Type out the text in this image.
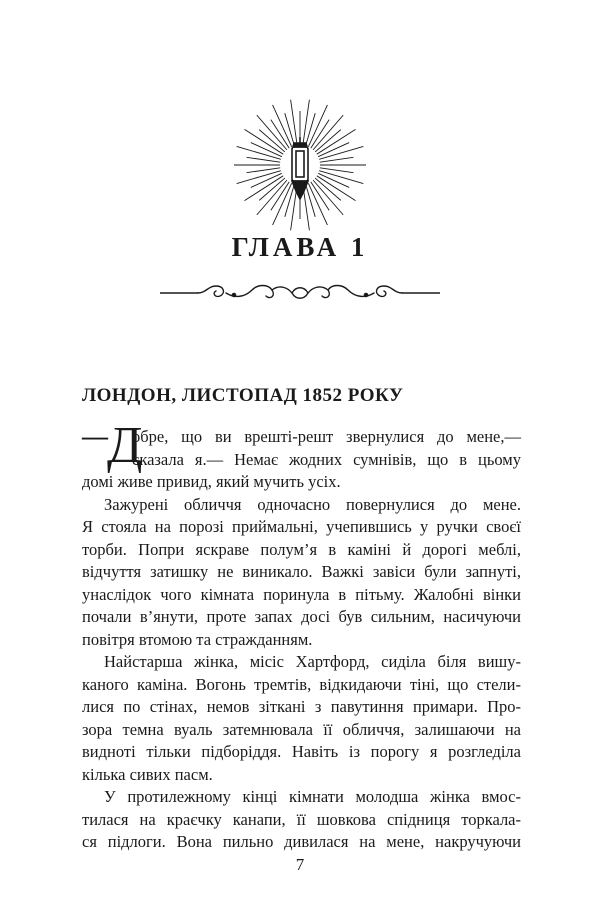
ГЛАВА 1
ЛОНДОН, ЛИСТОПАД 1852 РОКУ
— Д
обре, що ви врешті-решт звернулися до мене,—
сказала я.— Немає жодних сумнівів, що в цьому
домі живе привид, який мучить усіх.
Зажурені обличчя одночасно повернулися до мене.
Я стояла на порозі приймальні, учепившись у ручки своєї
торби. Попри яскраве полум’я в каміні й дорогі меблі,
відчуття затишку не виникало. Важкі завіси були запнуті,
унаслідок чого кімната поринула в пітьму. Жалобні вінки
почали в’янути, проте запах досі був сильним, насичуючи
повітря втомою та стражданням.
Найстарша жінка, місіс Хартфорд, сиділа біля вишу-
каного каміна. Вогонь тремтів, відкидаючи тіні, що стели-
лися по стінах, немов зіткані з павутиння примари. Про-
зора темна вуаль затемнювала її обличчя, залишаючи на
видноті тільки підборіддя. Навіть із порогу я розгледіла
кілька сивих пасм.
У протилежному кінці кімнати молодша жінка вмос-
тилася на краєчку канапи, її шовкова спідниця торкала-
ся підлоги. Вона пильно дивилася на мене, накручуючи
7
